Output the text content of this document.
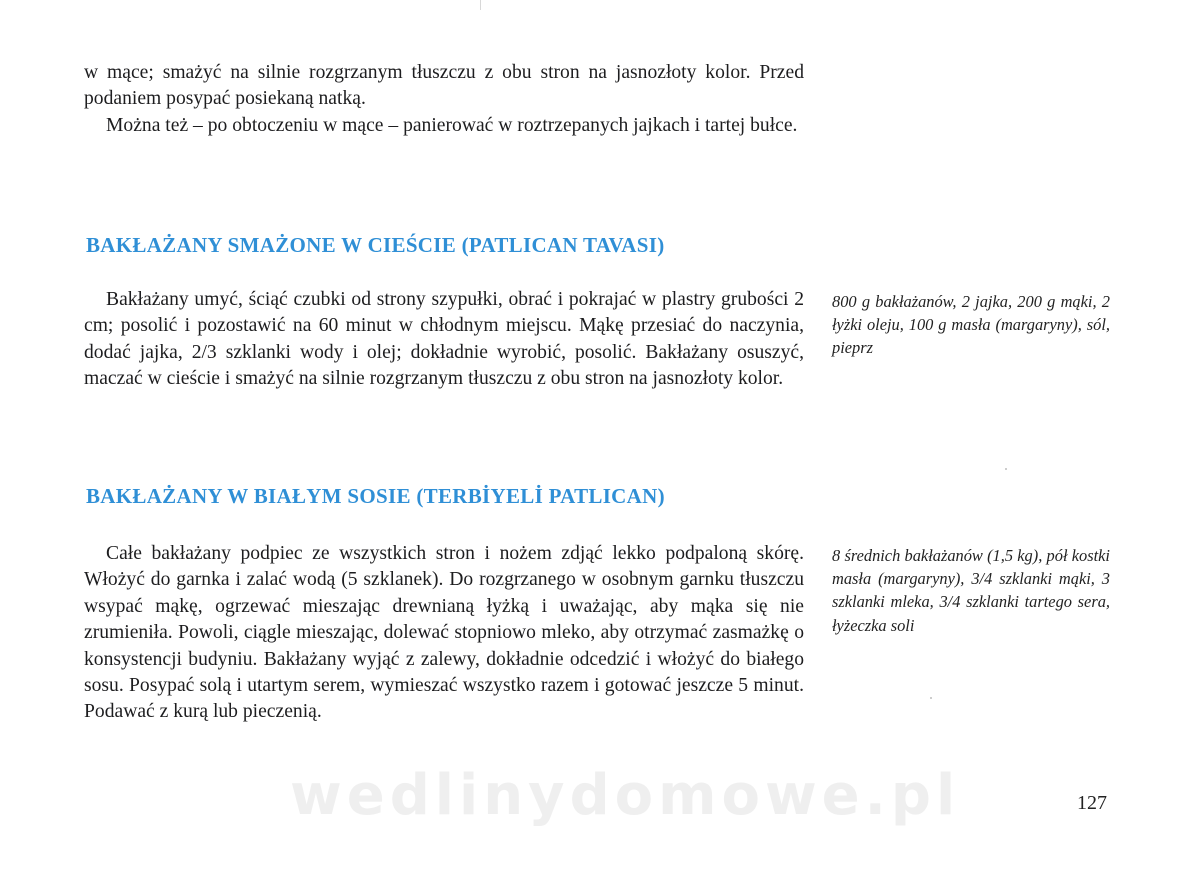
w mące; smażyć na silnie rozgrzanym tłuszczu z obu stron na jasnozłoty kolor. Przed podaniem posypać posiekaną natką.

Można też – po obtoczeniu w mące – panierować w roztrzepanych jajkach i tartej bułce.

BAKŁAŻANY SMAŻONE W CIEŚCIE (PATLICAN TAVASI)

Bakłażany umyć, ściąć czubki od strony szypułki, obrać i pokrajać w plastry grubości 2 cm; posolić i pozostawić na 60 minut w chłodnym miejscu. Mąkę przesiać do naczynia, dodać jajka, 2/3 szklanki wody i olej; dokładnie wyrobić, posolić. Bakłażany osuszyć, maczać w cieście i smażyć na silnie rozgrzanym tłuszczu z obu stron na jasnozłoty kolor.

800 g bakłażanów, 2 jajka, 200 g mąki, 2 łyżki oleju, 100 g masła (margaryny), sól, pieprz

BAKŁAŻANY W BIAŁYM SOSIE (TERBİYELİ PATLICAN)

Całe bakłażany podpiec ze wszystkich stron i nożem zdjąć lekko podpaloną skórę. Włożyć do garnka i zalać wodą (5 szklanek). Do rozgrzanego w osobnym garnku tłuszczu wsypać mąkę, ogrzewać mieszając drewnianą łyżką i uważając, aby mąka się nie zrumieniła. Powoli, ciągle mieszając, dolewać stopniowo mleko, aby otrzymać zasmażkę o konsystencji budyniu. Bakłażany wyjąć z zalewy, dokładnie odcedzić i włożyć do białego sosu. Posypać solą i utartym serem, wymieszać wszystko razem i gotować jeszcze 5 minut. Podawać z kurą lub pieczenią.

8 średnich bakłażanów (1,5 kg), pół kostki masła (margaryny), 3/4 szklanki mąki, 3 szklanki mleka, 3/4 szklanki tartego sera, łyżeczka soli

wedlinydomowe.pl	127
